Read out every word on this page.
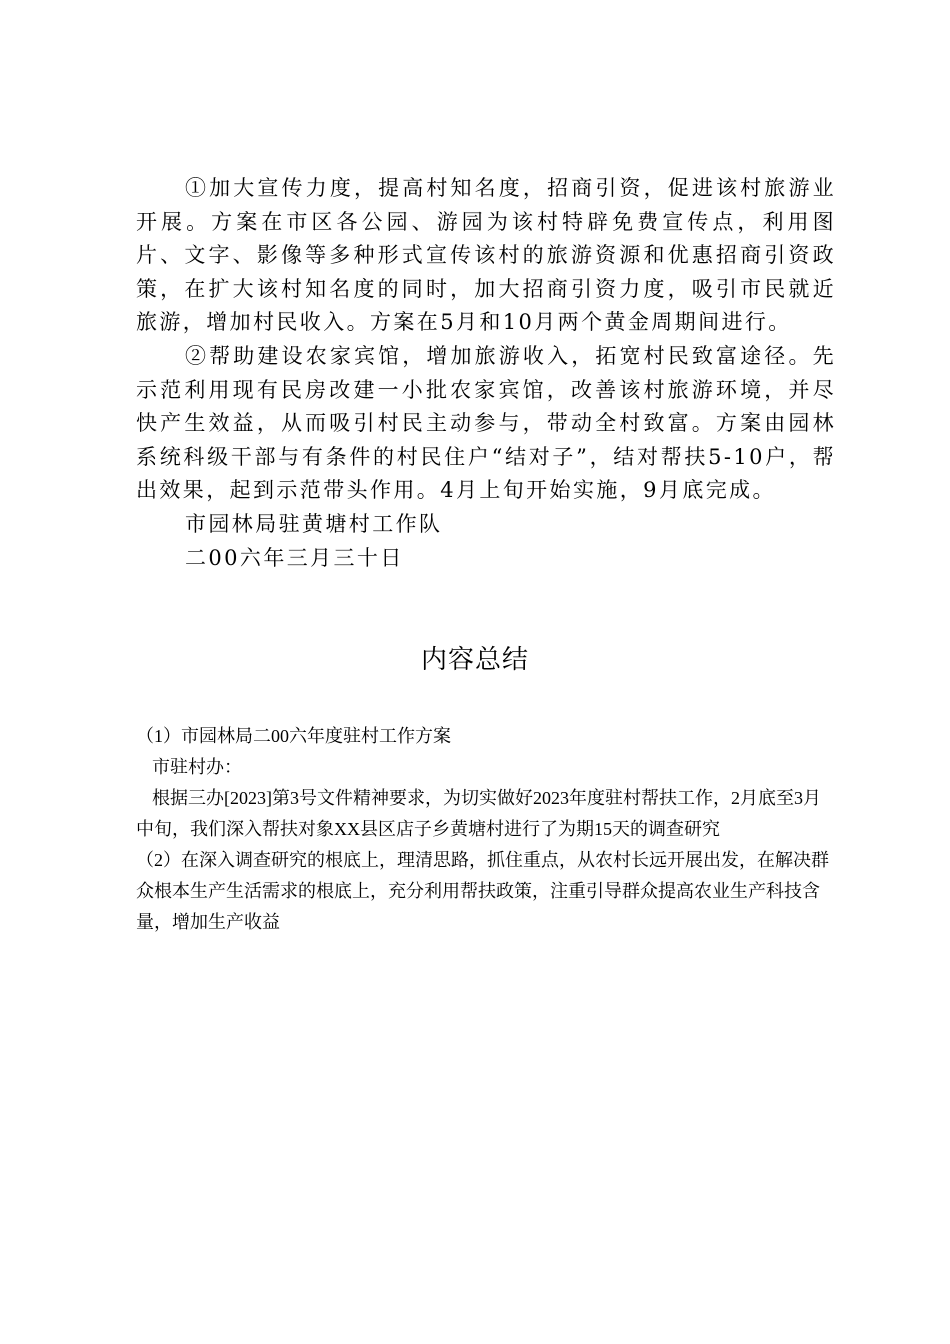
①加大宣传力度，提高村知名度，招商引资，促进该村旅游业开展。方案在市区各公园、游园为该村特辟免费宣传点，利用图片、文字、影像等多种形式宣传该村的旅游资源和优惠招商引资政策，在扩大该村知名度的同时，加大招商引资力度，吸引市民就近旅游，增加村民收入。方案在5月和10月两个黄金周期间进行。

②帮助建设农家宾馆，增加旅游收入，拓宽村民致富途径。先示范利用现有民房改建一小批农家宾馆，改善该村旅游环境，并尽快产生效益，从而吸引村民主动参与，带动全村致富。方案由园林系统科级干部与有条件的村民住户“结对子”，结对帮扶5-10户，帮出效果，起到示范带头作用。4月上旬开始实施，9月底完成。

市园林局驻黄塘村工作队

二00六年三月三十日

内容总结

（1）市园林局二00六年度驻村工作方案

市驻村办：

根据三办[2023]第3号文件精神要求，为切实做好2023年度驻村帮扶工作，2月底至3月中旬，我们深入帮扶对象XX县区店子乡黄塘村进行了为期15天的调查研究

（2）在深入调查研究的根底上，理清思路，抓住重点，从农村长远开展出发，在解决群众根本生产生活需求的根底上，充分利用帮扶政策，注重引导群众提高农业生产科技含量，增加生产收益
